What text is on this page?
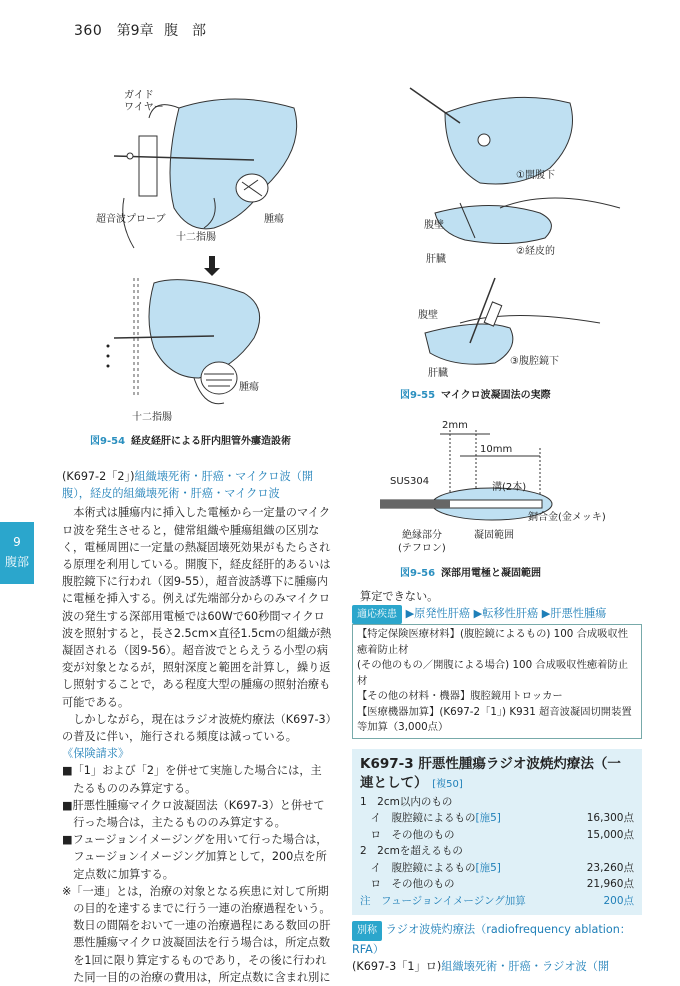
360 第9章 腹　部
9
腹部
ガイド
ワイヤー
超音波プローブ	腫瘍
十二指腸
腫瘍
十二指腸
図9-54 経皮経肝による肝内胆管外瘻造設術
①開腹下
腹壁
肝臓
②経皮的
腹壁
肝臓
③腹腔鏡下
図9-55 マイクロ波凝固法の実際
2mm
10mm
SUS304
溝(2本)
銅合金(金メッキ)
凝固範囲
絶縁部分
(テフロン)
図9-56 深部用電極と凝固範囲
(K697-2「2」)組織壊死術・肝癌・マイクロ波（開腹），経皮的組織壊死術・肝癌・マイクロ波
本術式は腫瘍内に挿入した電極から一定量のマイクロ波を発生させると，健常組織や腫瘍組織の区別なく，電極周囲に一定量の熱凝固壊死効果がもたらされる原理を利用している。開腹下，経皮経肝的あるいは腹腔鏡下に行われ（図9-55），超音波誘導下に腫瘍内に電極を挿入する。例えば先端部分からのみマイクロ波の発生する深部用電極では60Wで60秒間マイクロ波を照射すると，長さ2.5cm×直径1.5cmの組織が熱凝固される（図9-56）。超音波でとらえうる小型の病変が対象となるが，照射深度と範囲を計算し，繰り返し照射することで，ある程度大型の腫瘍の照射治療も可能である。
しかしながら，現在はラジオ波焼灼療法（K697-3）の普及に伴い，施行される頻度は減っている。
《保険請求》
■「1」および「2」を併せて実施した場合には，主たるもののみ算定する。
■肝悪性腫瘍マイクロ波凝固法（K697-3）と併せて行った場合は，主たるもののみ算定する。
■フュージョンイメージングを用いて行った場合は，フュージョンイメージング加算として，200点を所定点数に加算する。
※「一連」とは，治療の対象となる疾患に対して所期の目的を達するまでに行う一連の治療過程をいう。数日の間隔をおいて一連の治療過程にある数回の肝悪性腫瘍マイクロ波凝固法を行う場合は，所定点数を1回に限り算定するものであり，その後に行われた同一目的の治療の費用は，所定点数に含まれ別に
算定できない。
適応疾患 ▶原発性肝癌 ▶転移性肝癌 ▶肝悪性腫瘍
【特定保険医療材料】(腹腔鏡によるもの) 100 合成吸収性癒着防止材
(その他のもの／開腹による場合) 100 合成吸収性癒着防止材
【その他の材料・機器】腹腔鏡用トロッカー
【医療機器加算】(K697-2「1」) K931 超音波凝固切開装置等加算（3,000点）
K697-3 肝悪性腫瘍ラジオ波焼灼療法（一連として） [複50]
1　2cm以内のもの
　イ　腹腔鏡によるもの[施5]	16,300点
　ロ　その他のもの	15,000点
2　2cmを超えるもの
　イ　腹腔鏡によるもの[施5]	23,260点
　ロ　その他のもの	21,960点
注　フュージョンイメージング加算	200点
別称 ラジオ波焼灼療法（radiofrequency ablation：RFA）
(K697-3「1」ロ)組織壊死術・肝癌・ラジオ波（開
